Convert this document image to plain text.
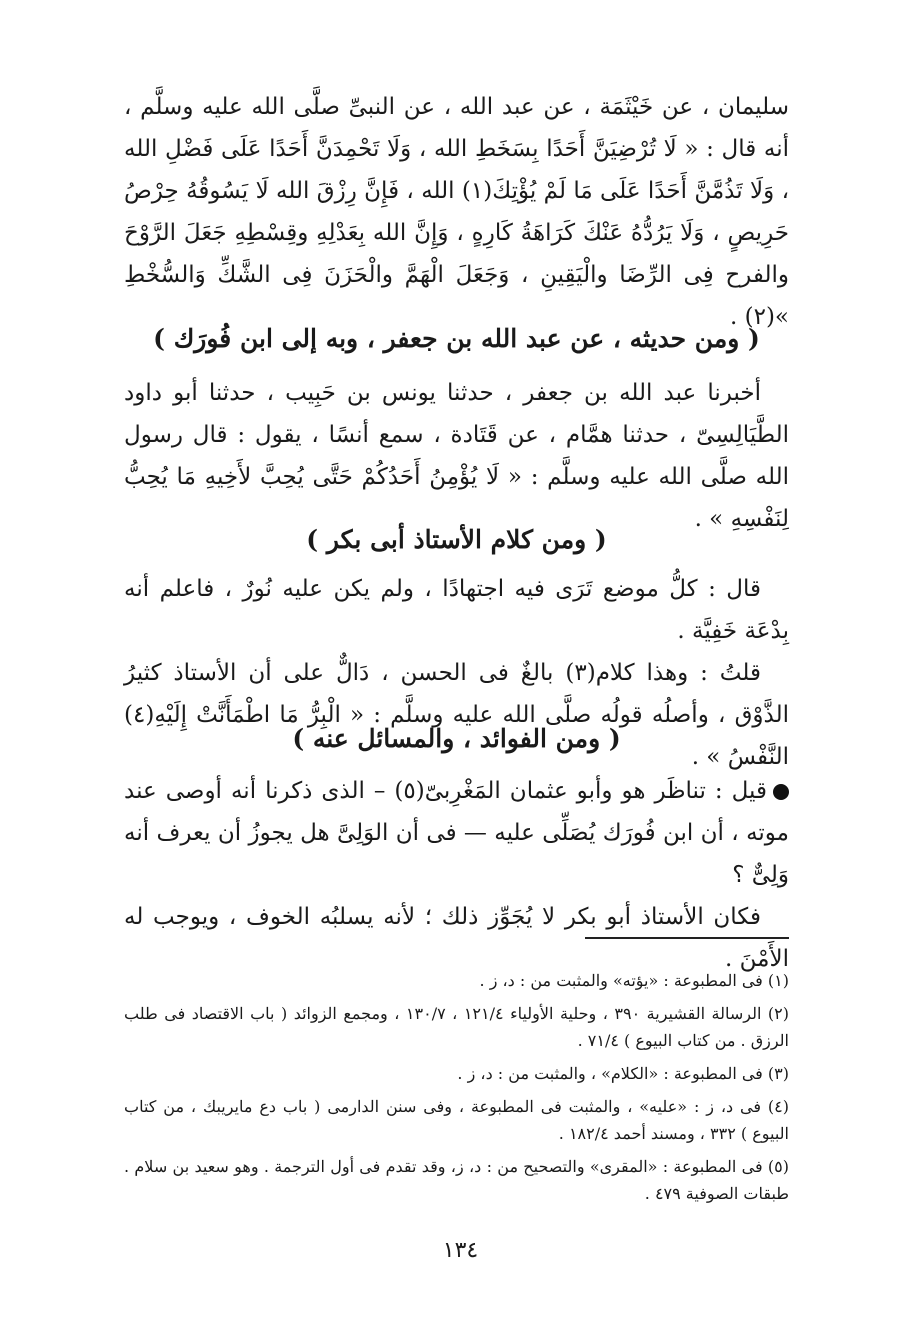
سليمان ، عن خَيْثَمَة ، عن عبد الله ، عن النبىِّ صلَّى الله عليه وسلَّم ، أنه قال : « لَا تُرْضِيَنَّ أَحَدًا بِسَخَطِ الله ، وَلَا تَحْمِدَنَّ أَحَدًا عَلَى فَضْلِ الله ، وَلَا تَذُمَّنَّ أَحَدًا عَلَى مَا لَمْ يُؤْتِكَ(١) الله ، فَإِنَّ رِزْقَ الله لَا يَسُوقُهُ حِرْصُ حَرِيصٍ ، وَلَا يَرُدُّهُ عَنْكَ كَرَاهَةُ كَارِهٍ ، وَإِنَّ الله بِعَدْلِهِ وقِسْطِهِ جَعَلَ الرَّوْحَ والفرح فِى الرِّضَا والْيَقِينِ ، وَجَعَلَ الْهَمَّ والْحَزَنَ فِى الشَّكِّ وَالسُّخْطِ »(٢) .

( ومن حديثه ، عن عبد الله بن جعفر ، وبه إلى ابن فُورَك )

أخبرنا عبد الله بن جعفر ، حدثنا يونس بن حَبِيب ، حدثنا أبو داود الطَّيَالِسِىّ ، حدثنا همَّام ، عن قَتَادة ، سمع أنسًا ، يقول : قال رسول الله صلَّى الله عليه وسلَّم : « لَا يُؤْمِنُ أَحَدُكُمْ حَتَّى يُحِبَّ لأَخِيهِ مَا يُحِبُّ لِنَفْسِهِ » .

( ومن كلام الأستاذ أبى بكر )

قال : كلُّ موضع تَرَى فيه اجتهادًا ، ولم يكن عليه نُورٌ ، فاعلم أنه بِدْعَة خَفِيَّة .

قلتُ : وهذا كلام(٣) بالغٌ فى الحسن ، دَالٌّ على أن الأستاذ كثيرُ الذَّوْق ، وأصلُه قولُه صلَّى الله عليه وسلَّم : « الْبِرُّ مَا اطْمَأَنَّتْ إِلَيْهِ(٤) النَّفْسُ » .

( ومن الفوائد ، والمسائل عنه )

قيل : تناظَر هو وأبو عثمان المَغْرِبىّ(٥) – الذى ذكرنا أنه أوصى عند موته ، أن ابن فُورَك يُصَلِّى عليه — فى أن الوَلِىَّ هل يجوزُ أن يعرف أنه وَلِىٌّ ؟

فكان الأستاذ أبو بكر لا يُجَوِّز ذلك ؛ لأنه يسلبُه الخوف ، ويوجب له الأَمْنَ .

(١) فى المطبوعة : «يؤته» والمثبت من : د، ز .

(٢) الرسالة القشيرية ٣٩٠ ، وحلية الأولياء ١٢١/٤ ، ١٣٠/٧ ، ومجمع الزوائد ( باب الاقتصاد فى طلب الرزق . من كتاب البيوع ) ٧١/٤ .

(٣) فى المطبوعة : «الكلام» ، والمثبت من : د، ز .

(٤) فى د، ز : «عليه» ، والمثبت فى المطبوعة ، وفى سنن الدارمى ( باب دع مايريبك ، من كتاب البيوع ) ٣٣٢ ، ومسند أحمد ١٨٢/٤ .

(٥) فى المطبوعة : «المقرى» والتصحيح من : د، ز، وقد تقدم فى أول الترجمة . وهو سعيد بن سلام . طبقات الصوفية ٤٧٩ .

١٣٤
